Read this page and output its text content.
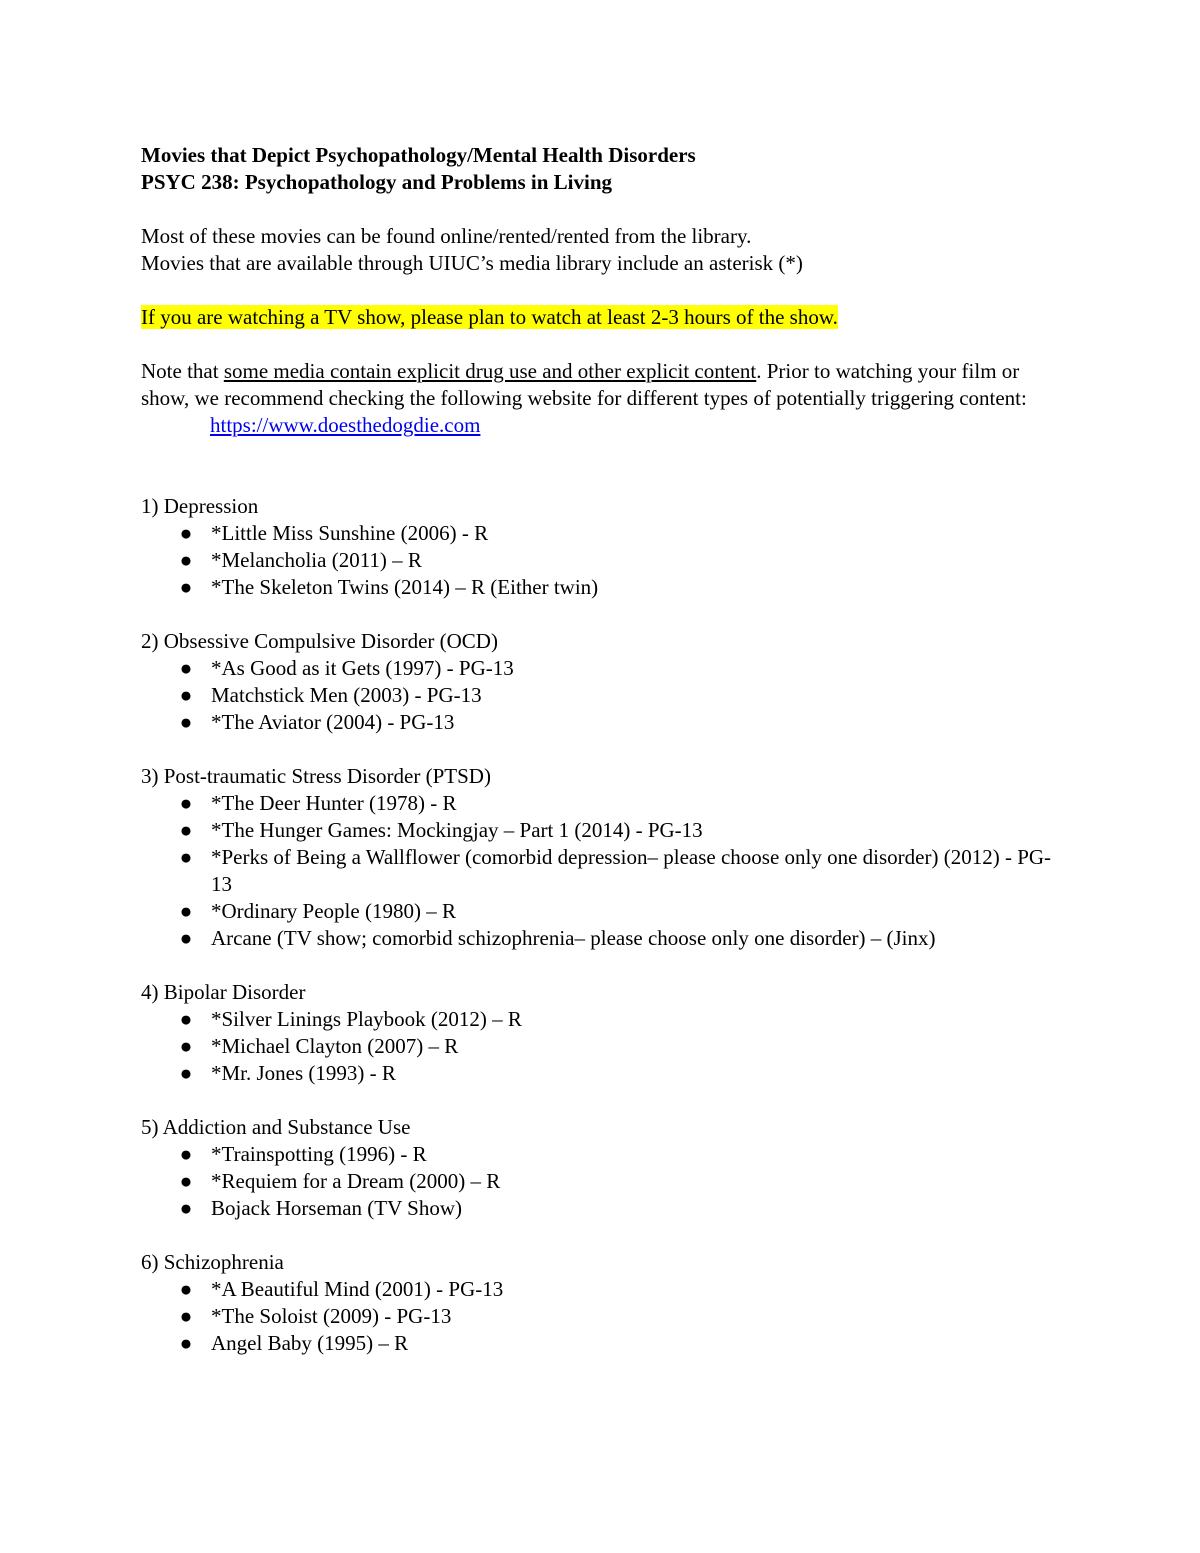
Movies that Depict Psychopathology/Mental Health Disorders

PSYC 238: Psychopathology and Problems in Living

Most of these movies can be found online/rented/rented from the library.

Movies that are available through UIUC’s media library include an asterisk (*)

If you are watching a TV show, please plan to watch at least 2-3 hours of the show.

Note that some media contain explicit drug use and other explicit content. Prior to watching your film or show, we recommend checking the following website for different types of potentially triggering content:

https://www.doesthedogdie.com

1) Depression

● *Little Miss Sunshine (2006) - R
● *Melancholia (2011) – R
● *The Skeleton Twins (2014) – R (Either twin)

2) Obsessive Compulsive Disorder (OCD)

● *As Good as it Gets (1997) - PG-13
● Matchstick Men (2003) - PG-13
● *The Aviator (2004) - PG-13

3) Post-traumatic Stress Disorder (PTSD)

● *The Deer Hunter (1978) - R
● *The Hunger Games: Mockingjay – Part 1 (2014) - PG-13
● *Perks of Being a Wallflower (comorbid depression– please choose only one disorder) (2012) - PG-13
● *Ordinary People (1980) – R
● Arcane (TV show; comorbid schizophrenia– please choose only one disorder) – (Jinx)

4) Bipolar Disorder

● *Silver Linings Playbook (2012) – R
● *Michael Clayton (2007) – R
● *Mr. Jones (1993) - R

5) Addiction and Substance Use

● *Trainspotting (1996) - R
● *Requiem for a Dream (2000) – R
● Bojack Horseman (TV Show)

6) Schizophrenia

● *A Beautiful Mind (2001) - PG-13
● *The Soloist (2009) - PG-13
● Angel Baby (1995) – R
